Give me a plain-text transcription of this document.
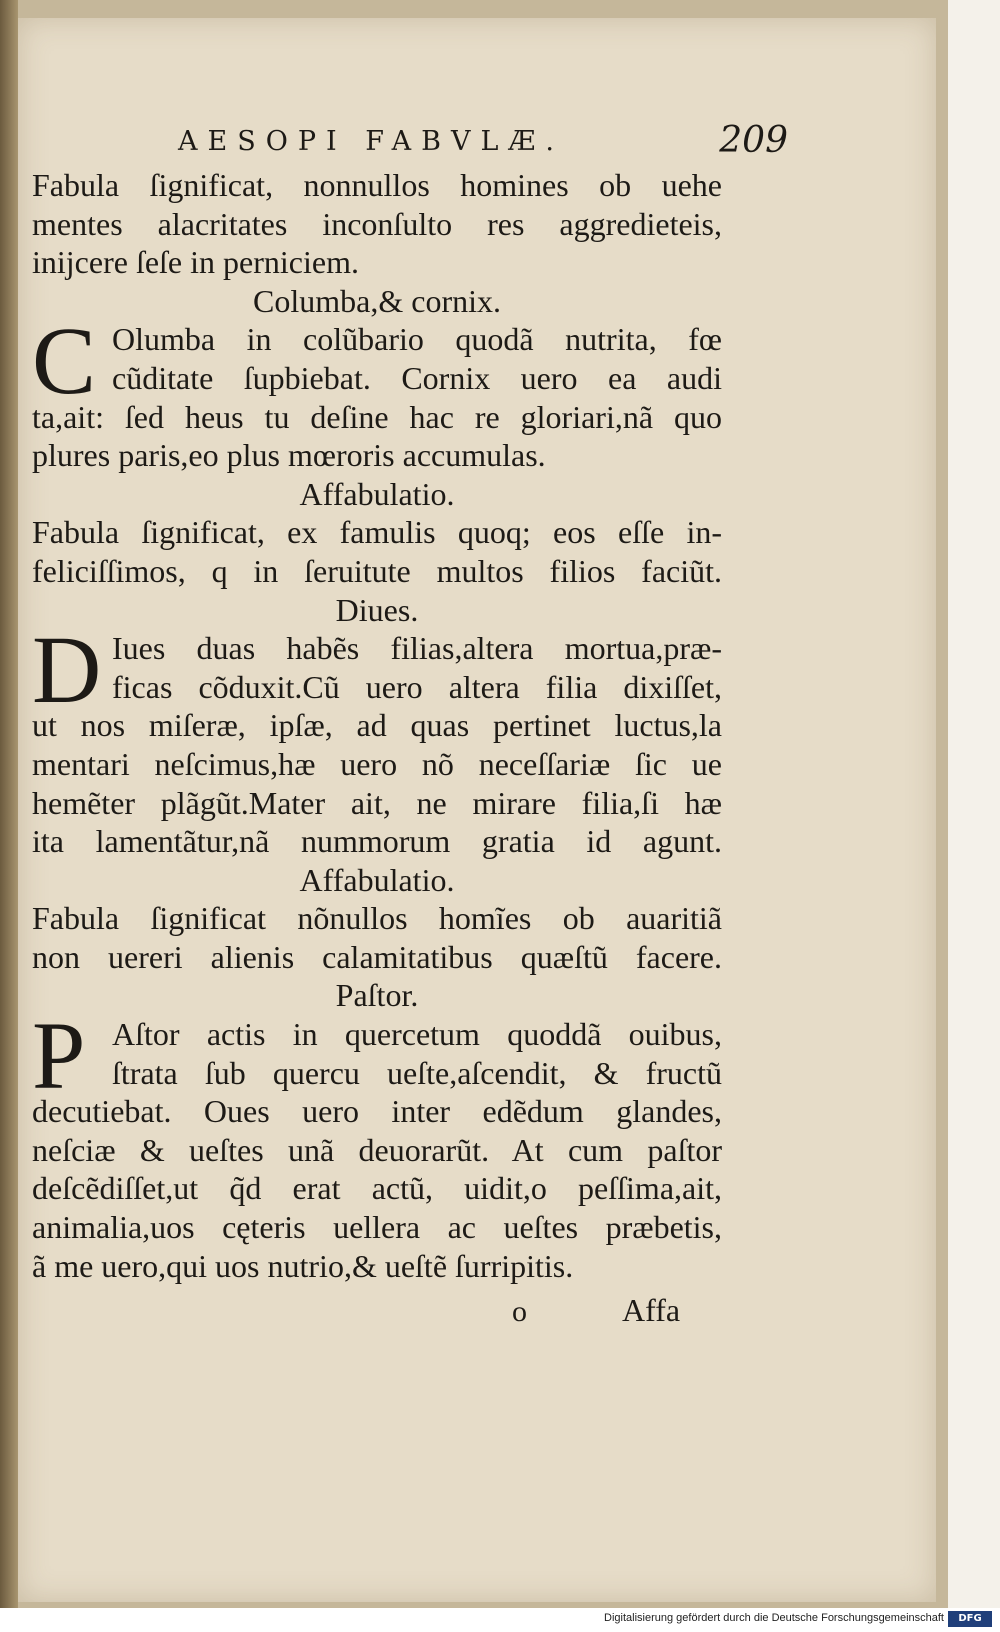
AESOPI FABVLÆ.	209
Fabula ſignificat, nonnullos homines ob uehe
mentes alacritates inconſulto res aggredieteis,
inijcere ſeſe in perniciem.
Columba,& cornix.
C Olumba in colũbario quodã nutrita, fœ
cũditate ſupbiebat. Cornix uero ea audi
ta,ait: ſed heus tu deſine hac re gloriari,nã quo
plures paris,eo plus mœroris accumulas.
Affabulatio.
Fabula ſignificat, ex famulis quoq; eos eſſe in-
feliciſſimos, q in ſeruitute multos filios faciũt.
Diues.
D Iues duas habẽs filias,altera mortua,præ-
ficas cõduxit.Cũ uero altera filia dixiſſet,
ut nos miſeræ, ipſæ, ad quas pertinet luctus,la
mentari neſcimus,hæ uero nõ neceſſariæ ſic ue
hemẽter plãgũt.Mater ait, ne mirare filia,ſi hæ
ita lamentãtur,nã nummorum gratia id agunt.
Affabulatio.
Fabula ſignificat nõnullos homĩes ob auaritiã
non uereri alienis calamitatibus quæſtũ facere.
Paſtor.
P Aſtor actis in quercetum quoddã ouibus,
ſtrata ſub quercu ueſte,aſcendit, & fructũ
decutiebat. Oues uero inter edẽdum glandes,
neſciæ & ueſtes unã deuorarũt. At cum paſtor
deſcẽdiſſet,ut q̃d erat actũ, uidit,o peſſima,ait,
animalia,uos cęteris uellera ac ueſtes præbetis,
ã me uero,qui uos nutrio,& ueſtẽ ſurripitis.
o	Affa
Digitalisierung gefördert durch die Deutsche Forschungsgemeinschaft	DFG
